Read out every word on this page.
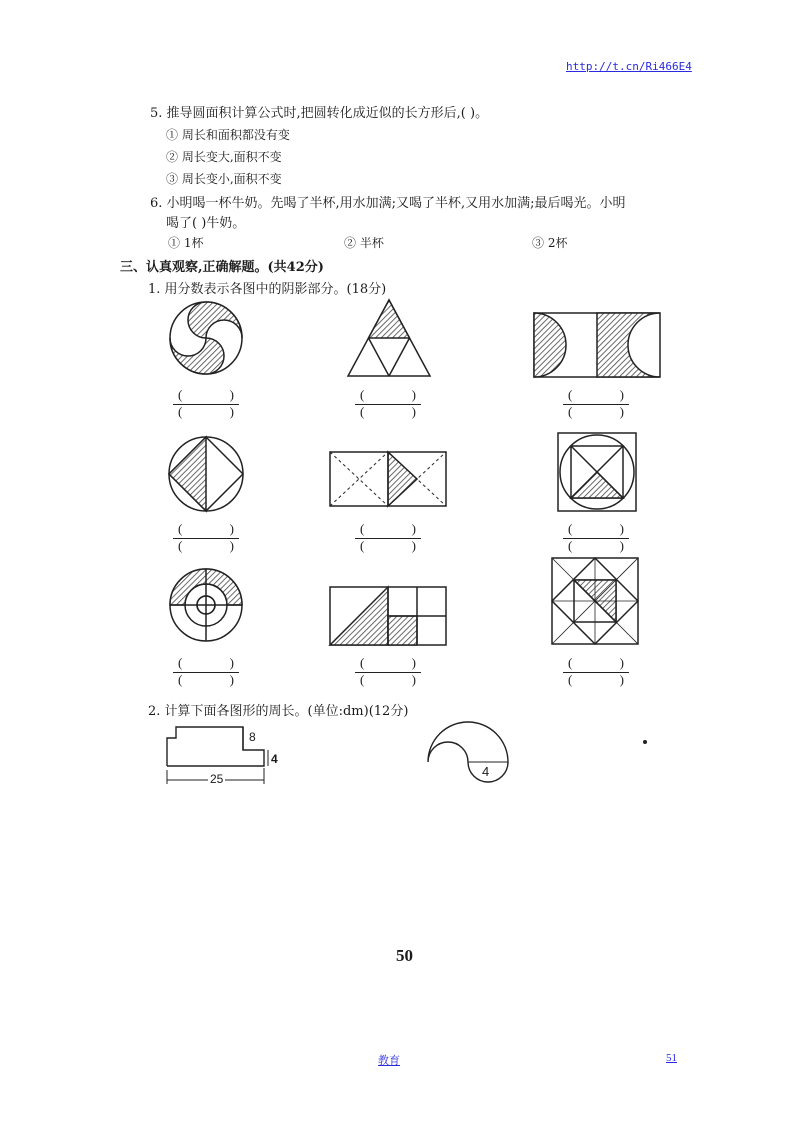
http://t.cn/Ri466E4
5. 推导圆面积计算公式时,把圆转化成近似的长方形后,( )。
① 周长和面积都没有变
② 周长变大,面积不变
③ 周长变小,面积不变
6. 小明喝一杯牛奶。先喝了半杯,用水加满;又喝了半杯,又用水加满;最后喝光。小明
喝了( )牛奶。
① 1杯	② 半杯	③ 2杯
三、认真观察,正确解题。(共42分)
1. 用分数表示各图中的阴影部分。(18分)
(	)
(	)
(	)
(	)
(	)
(	)
(	)
(	)
(	)
(	)
(	)
(	)
(	)
(	)
(	)
(	)
(	)
(	)
2. 计算下面各图形的周长。(单位:dm)(12分)
8
4
25	4
50
教育	51
